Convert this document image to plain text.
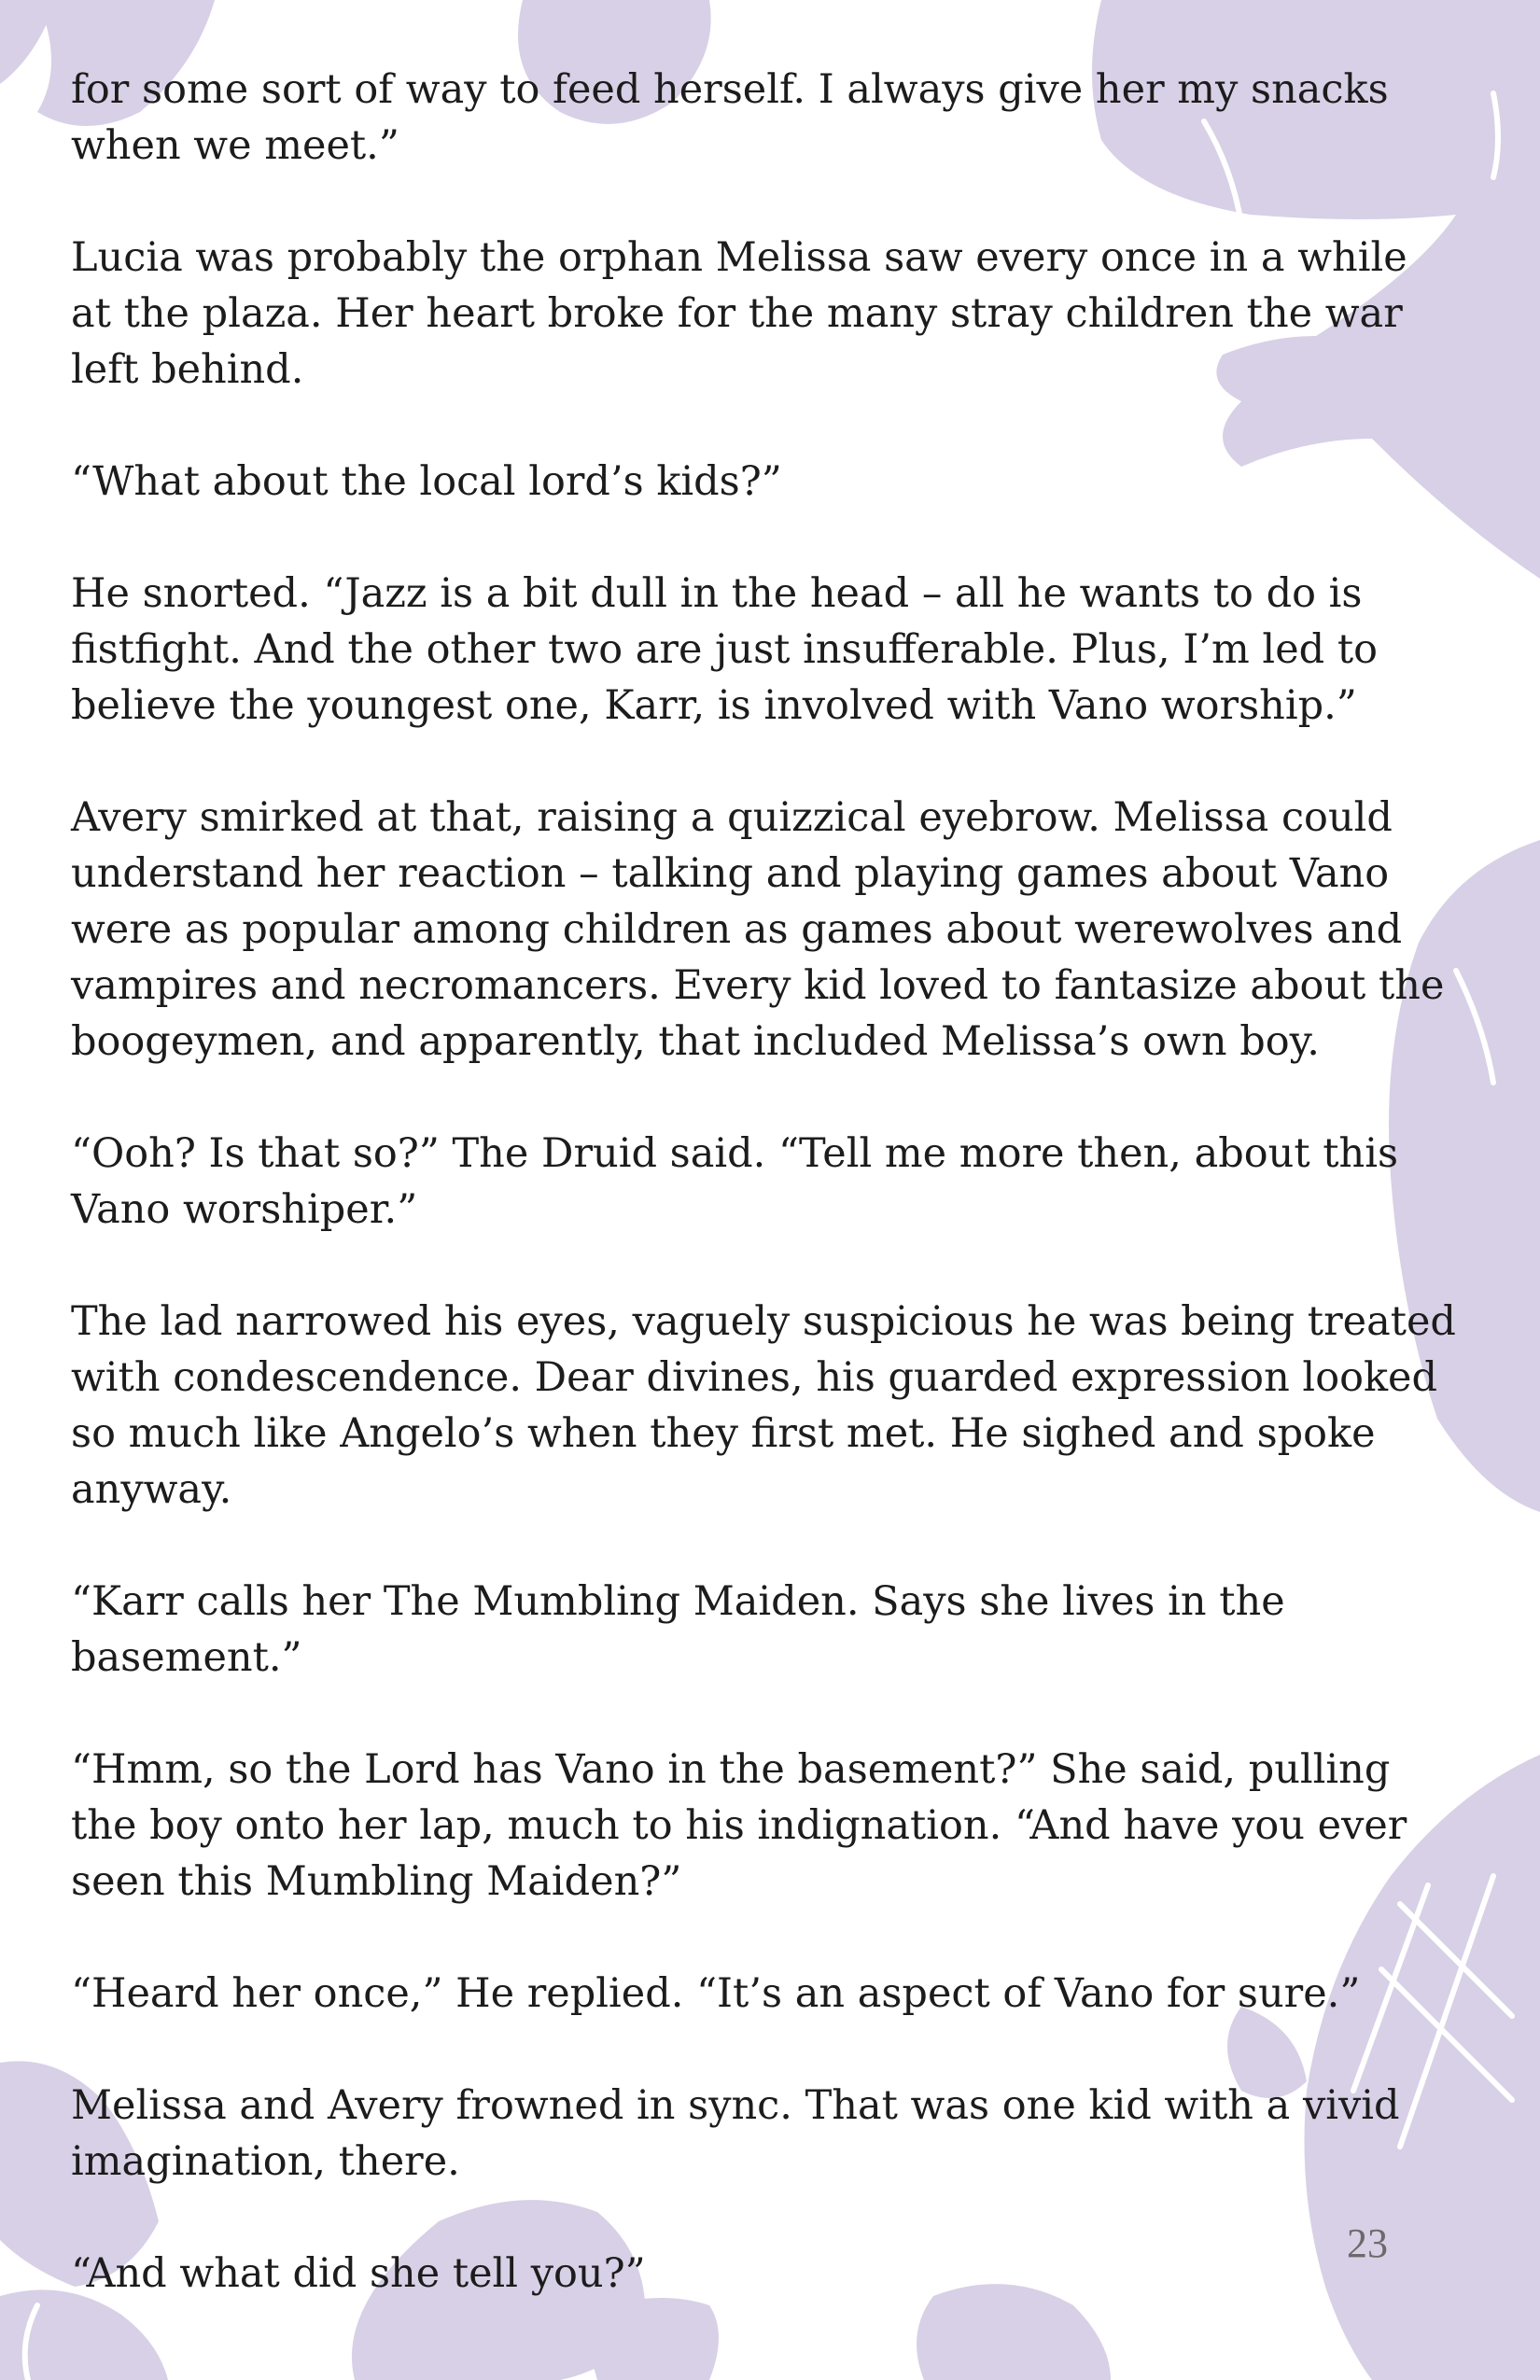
for some sort of way to feed herself. I always give her my snacks
when we meet.”

Lucia was probably the orphan Melissa saw every once in a while
at the plaza. Her heart broke for the many stray children the war
left behind.

“What about the local lord’s kids?”

He snorted. “Jazz is a bit dull in the head – all he wants to do is
fistfight. And the other two are just insufferable. Plus, I’m led to
believe the youngest one, Karr, is involved with Vano worship.”

Avery smirked at that, raising a quizzical eyebrow. Melissa could
understand her reaction – talking and playing games about Vano
were as popular among children as games about werewolves and
vampires and necromancers. Every kid loved to fantasize about the
boogeymen, and apparently, that included Melissa’s own boy.

“Ooh? Is that so?” The Druid said. “Tell me more then, about this
Vano worshiper.”

The lad narrowed his eyes, vaguely suspicious he was being treated
with condescendence. Dear divines, his guarded expression looked
so much like Angelo’s when they first met. He sighed and spoke
anyway.

“Karr calls her The Mumbling Maiden. Says she lives in the
basement.”

“Hmm, so the Lord has Vano in the basement?” She said, pulling
the boy onto her lap, much to his indignation. “And have you ever
seen this Mumbling Maiden?”

“Heard her once,” He replied. “It’s an aspect of Vano for sure.”

Melissa and Avery frowned in sync. That was one kid with a vivid
imagination, there.

“And what did she tell you?”

23
